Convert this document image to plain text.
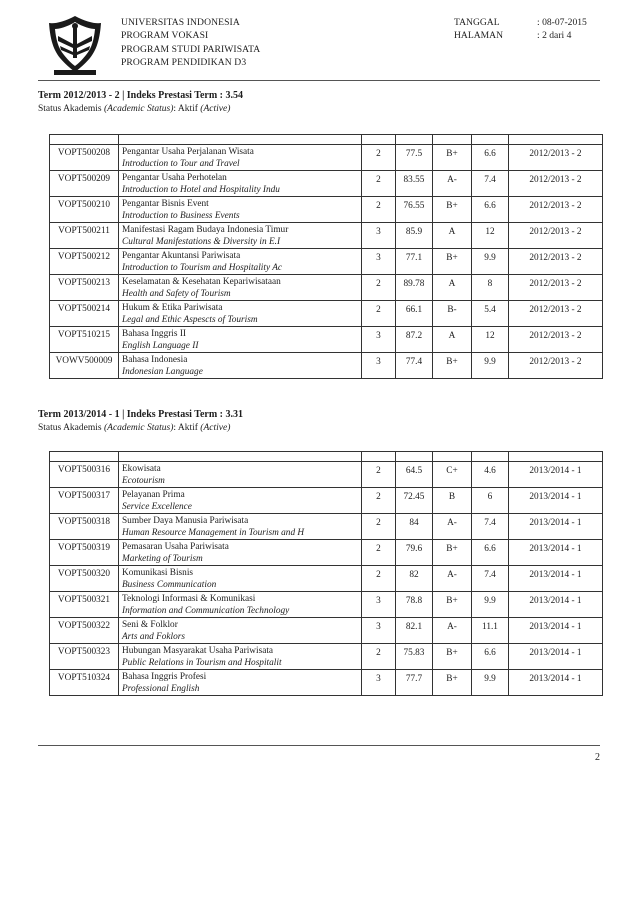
UNIVERSITAS INDONESIA
PROGRAM VOKASI
PROGRAM STUDI PARIWISATA
PROGRAM PENDIDIKAN D3
TANGGAL
HALAMAN
: 08-07-2015
: 2 dari 4
Term 2012/2013 - 2 | Indeks Prestasi Term : 3.54
Status Akademis (Academic Status): Aktif (Active)

VOPT500208	Pengantar Usaha Perjalanan Wisata
Introduction to Tour and Travel	2	77.5	B+	6.6	2012/2013 - 2
VOPT500209	Pengantar Usaha Perhotelan
Introduction to Hotel and Hospitality Indu	2	83.55	A-	7.4	2012/2013 - 2
VOPT500210	Pengantar Bisnis Event
Introduction to Business Events	2	76.55	B+	6.6	2012/2013 - 2
VOPT500211	Manifestasi Ragam Budaya Indonesia Timur
Cultural Manifestations & Diversity in E.I	3	85.9	A	12	2012/2013 - 2
VOPT500212	Pengantar Akuntansi Pariwisata
Introduction to Tourism and Hospitality Ac	3	77.1	B+	9.9	2012/2013 - 2
VOPT500213	Keselamatan & Kesehatan Kepariwisataan
Health and Safety of Tourism	2	89.78	A	8	2012/2013 - 2
VOPT500214	Hukum & Etika Pariwisata
Legal and Ethic Aspescts of Tourism	2	66.1	B-	5.4	2012/2013 - 2
VOPT510215	Bahasa Inggris II
English Language II	3	87.2	A	12	2012/2013 - 2
VOWV500009	Bahasa Indonesia
Indonesian Language	3	77.4	B+	9.9	2012/2013 - 2
Term 2013/2014 - 1 | Indeks Prestasi Term : 3.31
Status Akademis (Academic Status): Aktif (Active)

VOPT500316	Ekowisata
Ecotourism	2	64.5	C+	4.6	2013/2014 - 1
VOPT500317	Pelayanan Prima
Service Excellence	2	72.45	B	6	2013/2014 - 1
VOPT500318	Sumber Daya Manusia Pariwisata
Human Resource Management in Tourism and H	2	84	A-	7.4	2013/2014 - 1
VOPT500319	Pemasaran Usaha Pariwisata
Marketing of Tourism	2	79.6	B+	6.6	2013/2014 - 1
VOPT500320	Komunikasi Bisnis
Business Communication	2	82	A-	7.4	2013/2014 - 1
VOPT500321	Teknologi Informasi & Komunikasi
Information and Communication Technology	3	78.8	B+	9.9	2013/2014 - 1
VOPT500322	Seni & Folklor
Arts and Foklors	3	82.1	A-	11.1	2013/2014 - 1
VOPT500323	Hubungan Masyarakat Usaha Pariwisata
Public Relations in Tourism and Hospitalit	2	75.83	B+	6.6	2013/2014 - 1
VOPT510324	Bahasa Inggris Profesi
Professional English	3	77.7	B+	9.9	2013/2014 - 1
2
